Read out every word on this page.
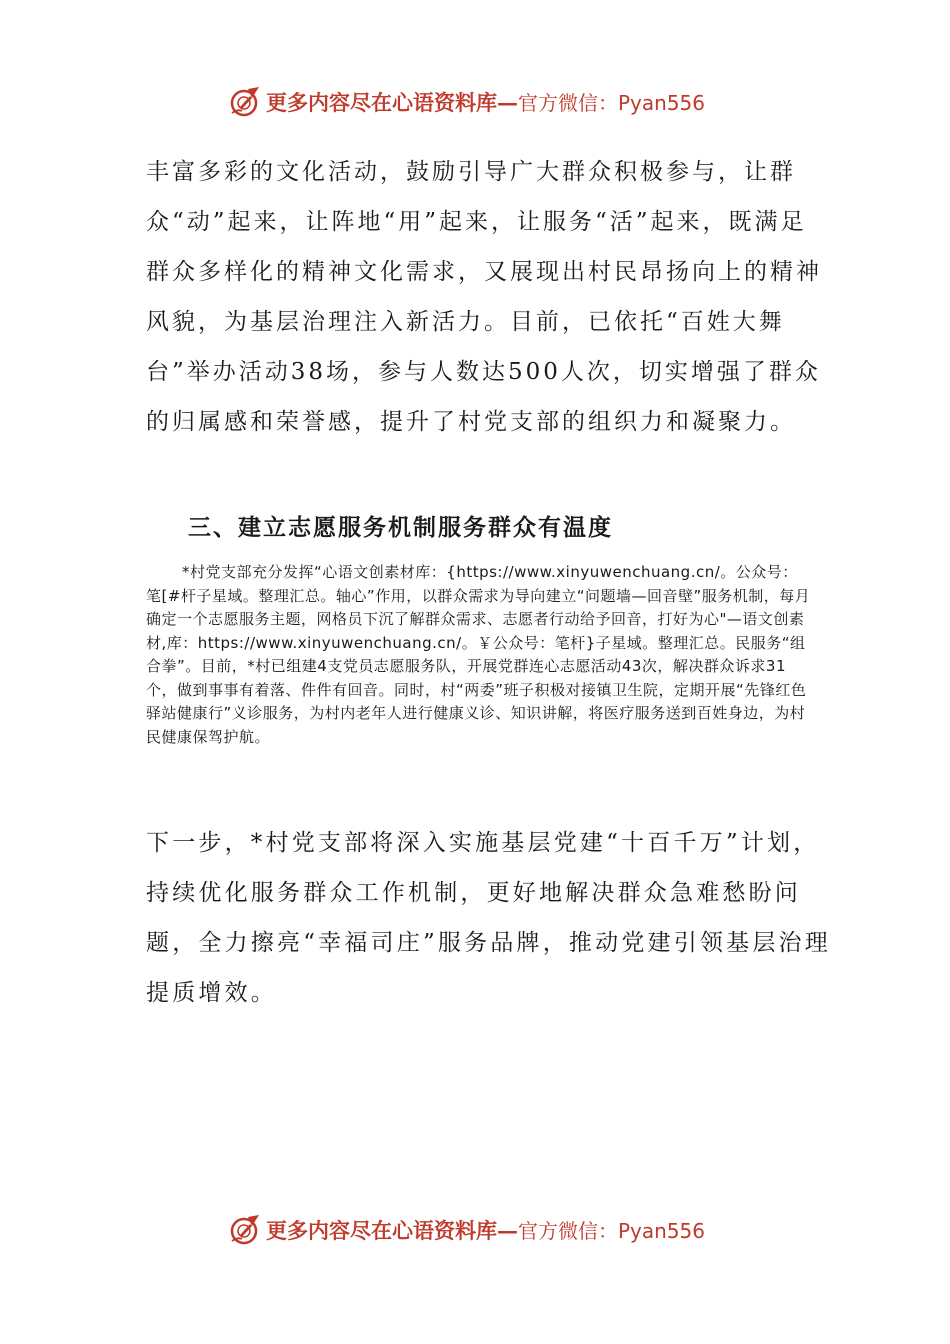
更多内容尽在心语资料库—官方微信：Pyan556

丰富多彩的文化活动，鼓励引导广大群众积极参与，让群众“动”起来，让阵地“用”起来，让服务“活”起来，既满足群众多样化的精神文化需求，又展现出村民昂扬向上的精神风貌，为基层治理注入新活力。目前，已依托“百姓大舞台”举办活动38场，参与人数达500人次，切实增强了群众的归属感和荣誉感，提升了村党支部的组织力和凝聚力。

三、建立志愿服务机制服务群众有温度

*村党支部充分发挥“心语文创素材库：{https://www.xinyuwenchuang.cn/。公众号：笔[#杆子星域。整理汇总。轴心”作用，以群众需求为导向建立“问题墙—回音壁”服务机制，每月确定一个志愿服务主题，网格员下沉了解群众需求、志愿者行动给予回音，打好为心"—语文创素材,库：https://www.xinyuwenchuang.cn/。￥公众号：笔杆}子星域。整理汇总。民服务“组合拳”。目前，*村已组建4支党员志愿服务队，开展党群连心志愿活动43次，解决群众诉求31个，做到事事有着落、件件有回音。同时，村“两委”班子积极对接镇卫生院，定期开展“先锋红色驿站健康行”义诊服务，为村内老年人进行健康义诊、知识讲解，将医疗服务送到百姓身边，为村民健康保驾护航。

下一步，*村党支部将深入实施基层党建“十百千万”计划，持续优化服务群众工作机制，更好地解决群众急难愁盼问题，全力擦亮“幸福司庄”服务品牌，推动党建引领基层治理提质增效。

更多内容尽在心语资料库—官方微信：Pyan556
